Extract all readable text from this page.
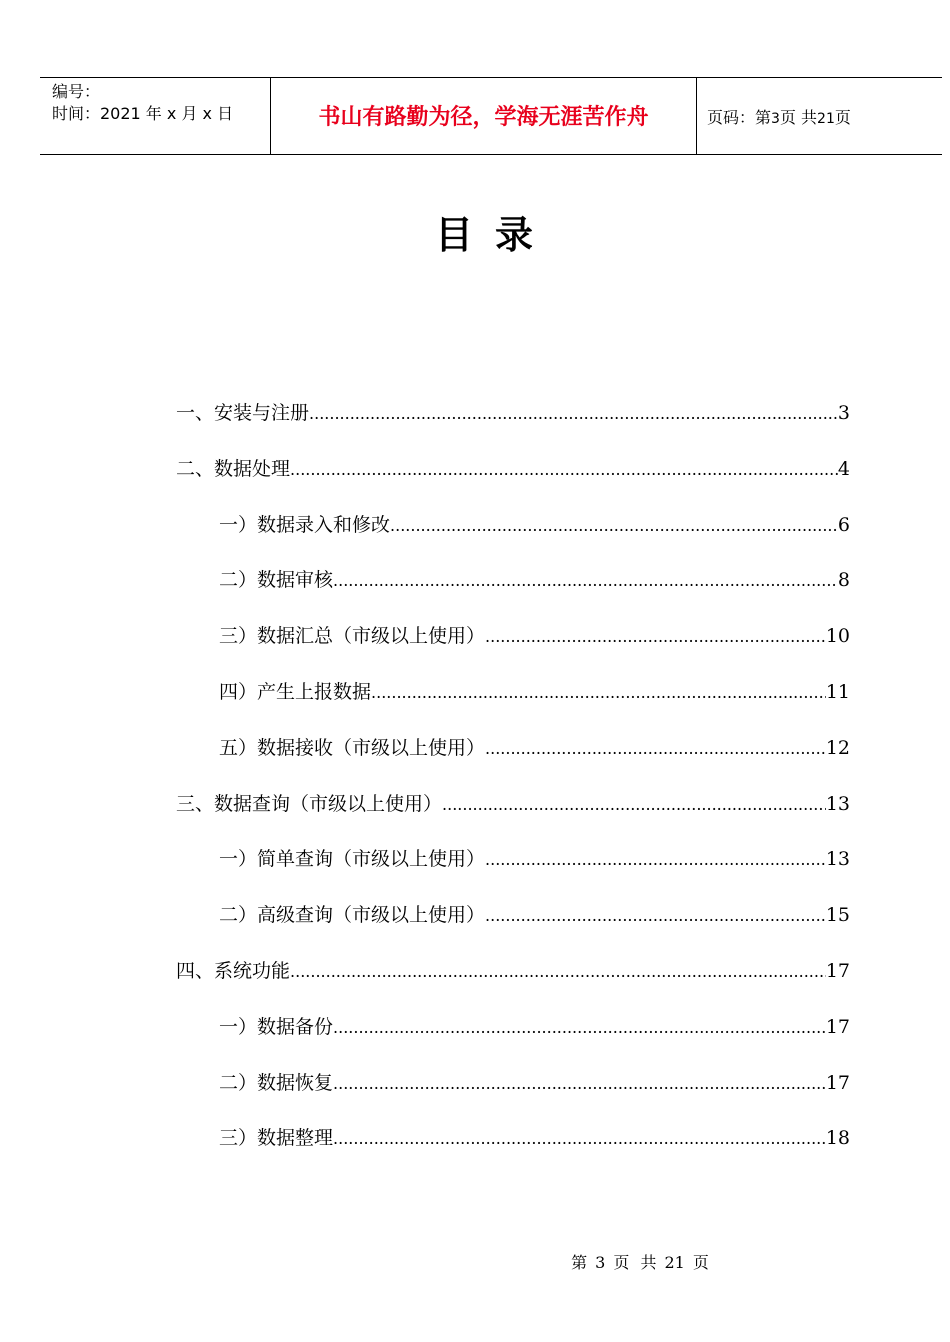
编号：
时间：2021 年 x 月 x 日	书山有路勤为径，学海无涯苦作舟	页码：第3页 共21页
目录
一、安装与注册 .....	3
二、数据处理 .....	4
一）数据录入和修改 .....	6
二）数据审核 .....	8
三）数据汇总（市级以上使用） .....	10
四）产生上报数据 .....	11
五）数据接收（市级以上使用） .....	12
三、数据查询（市级以上使用） .....	13
一）简单查询（市级以上使用） .....	13
二）高级查询（市级以上使用） .....	15
四、系统功能 .....	17
一）数据备份 .....	17
二）数据恢复 .....	17
三）数据整理 .....	18
第 3 页 共 21 页
